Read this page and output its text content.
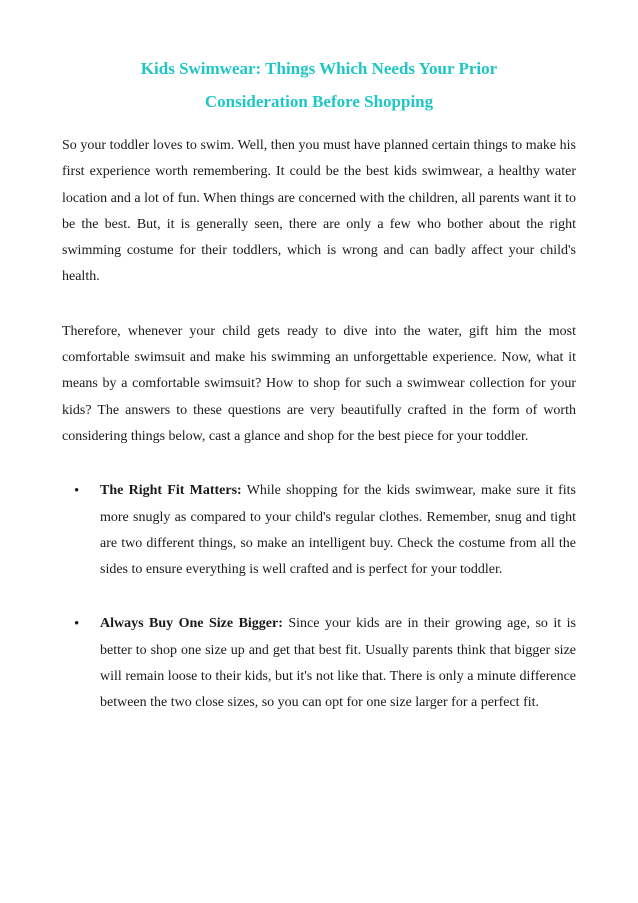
Kids Swimwear: Things Which Needs Your Prior
Consideration Before Shopping

So your toddler loves to swim. Well, then you must have planned certain things to make his first experience worth remembering. It could be the best kids swimwear, a healthy water location and a lot of fun. When things are concerned with the children, all parents want it to be the best. But, it is generally seen, there are only a few who bother about the right swimming costume for their toddlers, which is wrong and can badly affect your child's health.

Therefore, whenever your child gets ready to dive into the water, gift him the most comfortable swimsuit and make his swimming an unforgettable experience. Now, what it means by a comfortable swimsuit? How to shop for such a swimwear collection for your kids? The answers to these questions are very beautifully crafted in the form of worth considering things below, cast a glance and shop for the best piece for your toddler.

• The Right Fit Matters: While shopping for the kids swimwear, make sure it fits more snugly as compared to your child's regular clothes. Remember, snug and tight are two different things, so make an intelligent buy. Check the costume from all the sides to ensure everything is well crafted and is perfect for your toddler.
• Always Buy One Size Bigger: Since your kids are in their growing age, so it is better to shop one size up and get that best fit. Usually parents think that bigger size will remain loose to their kids, but it's not like that. There is only a minute difference between the two close sizes, so you can opt for one size larger for a perfect fit.
